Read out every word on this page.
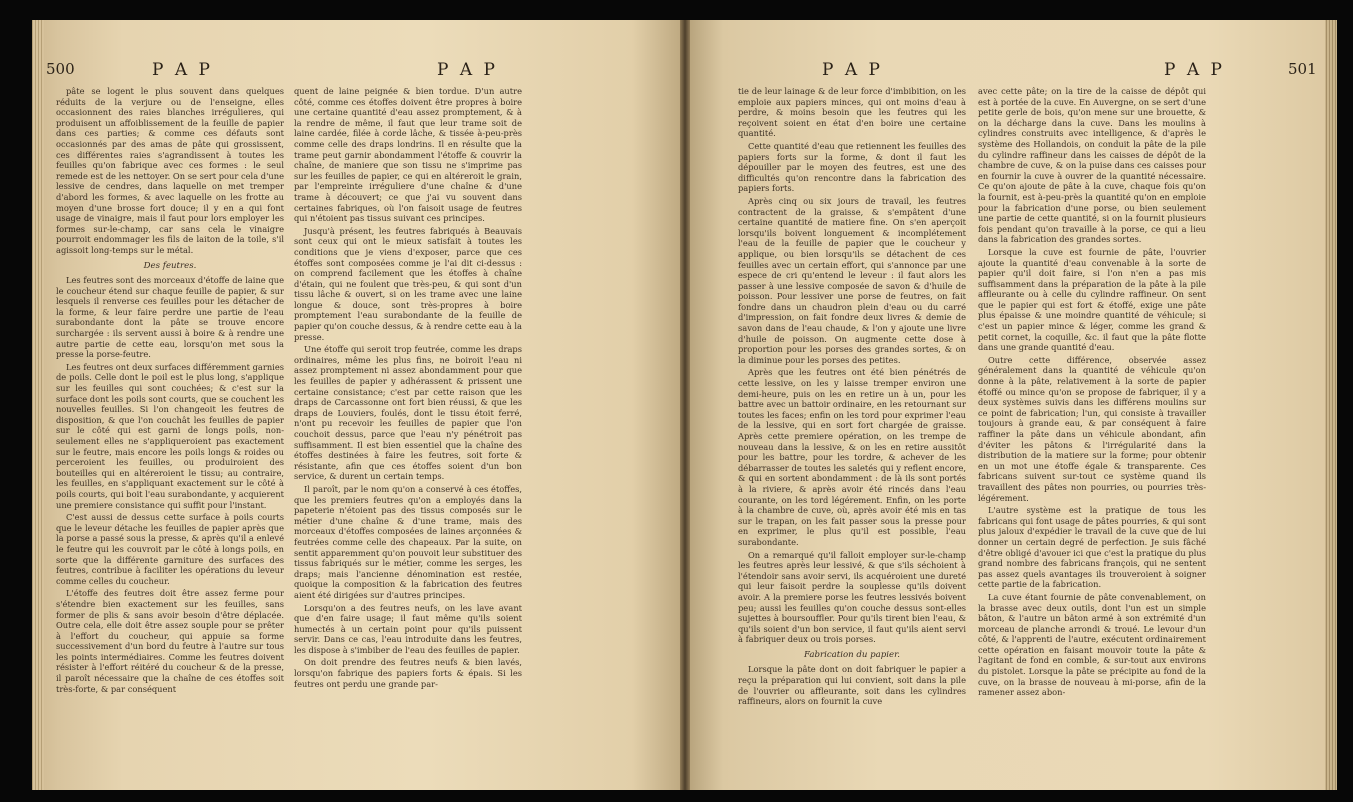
500	P A P	P A P

pâte se logent le plus souvent dans quelques réduits de la verjure ou de l'enseigne, elles occasionnent des raies blanches irrégulieres, qui produisent un affoiblissement de la feuille de papier dans ces parties; & comme ces défauts sont occasionnés par des amas de pâte qui grossissent, ces différentes raies s'agrandissent à toutes les feuilles qu'on fabrique avec ces formes : le seul remede est de les nettoyer. On se sert pour cela d'une lessive de cendres, dans laquelle on met tremper d'abord les formes, & avec laquelle on les frotte au moyen d'une brosse fort douce; il y en a qui font usage de vinaigre, mais il faut pour lors employer les formes sur-le-champ, car sans cela le vinaigre pourroit endommager les fils de laiton de la toile, s'il agissoit long-temps sur le métal.

Des feutres.

Les feutres sont des morceaux d'étoffe de laine que le coucheur étend sur chaque feuille de papier, & sur lesquels il renverse ces feuilles pour les détacher de la forme, & leur faire perdre une partie de l'eau surabondante dont la pâte se trouve encore surchargée : ils servent aussi à boire & à rendre une autre partie de cette eau, lorsqu'on met sous la presse la porse-feutre.

Les feutres ont deux surfaces différemment garnies de poils. Celle dont le poil est le plus long, s'applique sur les feuilles qui sont couchées; & c'est sur la surface dont les poils sont courts, que se couchent les nouvelles feuilles. Si l'on changeoit les feutres de disposition, & que l'on couchât les feuilles de papier sur le côté qui est garni de longs poils, non-seulement elles ne s'appliqueroient pas exactement sur le feutre, mais encore les poils longs & roides ou perceroient les feuilles, ou produiroient des bouteilles qui en altéreroient le tissu; au contraire, les feuilles, en s'appliquant exactement sur le côté à poils courts, qui boit l'eau surabondante, y acquierent une premiere consistance qui suffit pour l'instant.

C'est aussi de dessus cette surface à poils courts que le leveur détache les feuilles de papier après que la porse a passé sous la presse, & après qu'il a enlevé le feutre qui les couvroit par le côté à longs poils, en sorte que la différente garniture des surfaces des feutres, contribue à faciliter les opérations du leveur comme celles du coucheur.

L'étoffe des feutres doit être assez ferme pour s'étendre bien exactement sur les feuilles, sans former de plis & sans avoir besoin d'être déplacée. Outre cela, elle doit être assez souple pour se prêter à l'effort du coucheur, qui appuie sa forme successivement d'un bord du feutre à l'autre sur tous les points intermédiaires. Comme les feutres doivent résister à l'effort réitéré du coucheur & de la presse, il paroît nécessaire que la chaîne de ces étoffes soit très-forte, & par conséquent

quent de laine peignée & bien tordue. D'un autre côté, comme ces étoffes doivent être propres à boire une certaine quantité d'eau assez promptement, & à la rendre de même, il faut que leur trame soit de laine cardée, filée à corde lâche, & tissée à-peu-près comme celle des draps londrins. Il en résulte que la trame peut garnir abondamment l'étoffe & couvrir la chaîne, de maniere que son tissu ne s'imprime pas sur les feuilles de papier, ce qui en altéreroit le grain, par l'empreinte irréguliere d'une chaîne & d'une trame à découvert; ce que j'ai vu souvent dans certaines fabriques, où l'on faisoit usage de feutres qui n'étoient pas tissus suivant ces principes.

Jusqu'à présent, les feutres fabriqués à Beauvais sont ceux qui ont le mieux satisfait à toutes les conditions que je viens d'exposer, parce que ces étoffes sont composées comme je l'ai dit ci-dessus : on comprend facilement que les étoffes à chaîne d'étain, qui ne foulent que très-peu, & qui sont d'un tissu lâche & ouvert, si on les trame avec une laine longue & douce, sont très-propres à boire promptement l'eau surabondante de la feuille de papier qu'on couche dessus, & à rendre cette eau à la presse.

Une étoffe qui seroit trop feutrée, comme les draps ordinaires, même les plus fins, ne boiroit l'eau ni assez promptement ni assez abondamment pour que les feuilles de papier y adhérassent & prissent une certaine consistance; c'est par cette raison que les draps de Carcassonne ont fort bien réussi, & que les draps de Louviers, foulés, dont le tissu étoit ferré, n'ont pu recevoir les feuilles de papier que l'on couchoit dessus, parce que l'eau n'y pénétroit pas suffisamment. Il est bien essentiel que la chaîne des étoffes destinées à faire les feutres, soit forte & résistante, afin que ces étoffes soient d'un bon service, & durent un certain temps.

Il paroît, par le nom qu'on a conservé à ces étoffes, que les premiers feutres qu'on a employés dans la papeterie n'étoient pas des tissus composés sur le métier d'une chaîne & d'une trame, mais des morceaux d'étoffes composées de laines arçonnées & feutrées comme celle des chapeaux. Par la suite, on sentit apparemment qu'on pouvoit leur substituer des tissus fabriqués sur le métier, comme les serges, les draps; mais l'ancienne dénomination est restée, quoique la composition & la fabrication des feutres aient été dirigées sur d'autres principes.

Lorsqu'on a des feutres neufs, on les lave avant que d'en faire usage; il faut même qu'ils soient humectés à un certain point pour qu'ils puissent servir. Dans ce cas, l'eau introduite dans les feutres, les dispose à s'imbiber de l'eau des feuilles de papier.

On doit prendre des feutres neufs & bien lavés, lorsqu'on fabrique des papiers forts & épais. Si les feutres ont perdu une grande par-

P A P	P A P	501

tie de leur lainage & de leur force d'imbibition, on les emploie aux papiers minces, qui ont moins d'eau à perdre, & moins besoin que les feutres qui les reçoivent soient en état d'en boire une certaine quantité.

Cette quantité d'eau que retiennent les feuilles des papiers forts sur la forme, & dont il faut les dépouiller par le moyen des feutres, est une des difficultés qu'on rencontre dans la fabrication des papiers forts.

Après cinq ou six jours de travail, les feutres contractent de la graisse, & s'empâtent d'une certaine quantité de matiere fine. On s'en aperçoit lorsqu'ils boivent longuement & incomplétement l'eau de la feuille de papier que le coucheur y applique, ou bien lorsqu'ils se détachent de ces feuilles avec un certain effort, qui s'annonce par une espece de cri qu'entend le leveur : il faut alors les passer à une lessive composée de savon & d'huile de poisson. Pour lessiver une porse de feutres, on fait fondre dans un chaudron plein d'eau ou du carré d'impression, on fait fondre deux livres & demie de savon dans de l'eau chaude, & l'on y ajoute une livre d'huile de poisson. On augmente cette dose à proportion pour les porses des grandes sortes, & on la diminue pour les porses des petites.

Après que les feutres ont été bien pénétrés de cette lessive, on les y laisse tremper environ une demi-heure, puis on les en retire un à un, pour les battre avec un battoir ordinaire, en les retournant sur toutes les faces; enfin on les tord pour exprimer l'eau de la lessive, qui en sort fort chargée de graisse. Après cette premiere opération, on les trempe de nouveau dans la lessive, & on les en retire aussitôt pour les battre, pour les tordre, & achever de les débarrasser de toutes les saletés qui y reflent encore, & qui en sortent abondamment : de là ils sont portés à la riviere, & après avoir été rincés dans l'eau courante, on les tord légérement. Enfin, on les porte à la chambre de cuve, où, après avoir été mis en tas sur le trapan, on les fait passer sous la presse pour en exprimer, le plus qu'il est possible, l'eau surabondante.

On a remarqué qu'il falloit employer sur-le-champ les feutres après leur lessivé, & que s'ils séchoient à l'étendoir sans avoir servi, ils acquéroient une dureté qui leur faisoit perdre la souplesse qu'ils doivent avoir. A la premiere porse les feutres lessivés boivent peu; aussi les feuilles qu'on couche dessus sont-elles sujettes à boursouffler. Pour qu'ils tirent bien l'eau, & qu'ils soient d'un bon service, il faut qu'ils aient servi à fabriquer deux ou trois porses.

Fabrication du papier.

Lorsque la pâte dont on doit fabriquer le papier a reçu la préparation qui lui convient, soit dans la pile de l'ouvrier ou affleurante, soit dans les cylindres raffineurs, alors on fournit la cuve

avec cette pâte; on la tire de la caisse de dépôt qui est à portée de la cuve. En Auvergne, on se sert d'une petite gerle de bois, qu'on mene sur une brouette, & on la décharge dans la cuve. Dans les moulins à cylindres construits avec intelligence, & d'après le système des Hollandois, on conduit la pâte de la pile du cylindre raffineur dans les caisses de dépôt de la chambre de cuve, & on la puise dans ces caisses pour en fournir la cuve à ouvrer de la quantité nécessaire. Ce qu'on ajoute de pâte à la cuve, chaque fois qu'on la fournit, est à-peu-près la quantité qu'on en emploie pour la fabrication d'une porse, ou bien seulement une partie de cette quantité, si on la fournit plusieurs fois pendant qu'on travaille à la porse, ce qui a lieu dans la fabrication des grandes sortes.

Lorsque la cuve est fournie de pâte, l'ouvrier ajoute la quantité d'eau convenable à la sorte de papier qu'il doit faire, si l'on n'en a pas mis suffisamment dans la préparation de la pâte à la pile affleurante ou à celle du cylindre raffineur. On sent que le papier qui est fort & étoffé, exige une pâte plus épaisse & une moindre quantité de véhicule; si c'est un papier mince & léger, comme les grand & petit cornet, la coquille, &c. il faut que la pâte flotte dans une grande quantité d'eau.

Outre cette différence, observée assez généralement dans la quantité de véhicule qu'on donne à la pâte, relativement à la sorte de papier étoffé ou mince qu'on se propose de fabriquer, il y a deux systèmes suivis dans les différens moulins sur ce point de fabrication; l'un, qui consiste à travailler toujours à grande eau, & par conséquent à faire raffiner la pâte dans un véhicule abondant, afin d'éviter les pâtons & l'irrégularité dans la distribution de la matiere sur la forme; pour obtenir en un mot une étoffe égale & transparente. Ces fabricans suivent sur-tout ce système quand ils travaillent des pâtes non pourries, ou pourries très-légérement.

L'autre système est la pratique de tous les fabricans qui font usage de pâtes pourries, & qui sont plus jaloux d'expédier le travail de la cuve que de lui donner un certain degré de perfection. Je suis fâché d'être obligé d'avouer ici que c'est la pratique du plus grand nombre des fabricans françois, qui ne sentent pas assez quels avantages ils trouveroient à soigner cette partie de la fabrication.

La cuve étant fournie de pâte convenablement, on la brasse avec deux outils, dont l'un est un simple bâton, & l'autre un bâton armé à son extrémité d'un morceau de planche arrondi & troué. Le levour d'un côté, & l'apprenti de l'autre, exécutent ordinairement cette opération en faisant mouvoir toute la pâte & l'agitant de fond en comble, & sur-tout aux environs du pistolet. Lorsque la pâte se précipite au fond de la cuve, on la brasse de nouveau à mi-porse, afin de la ramener assez abon-
